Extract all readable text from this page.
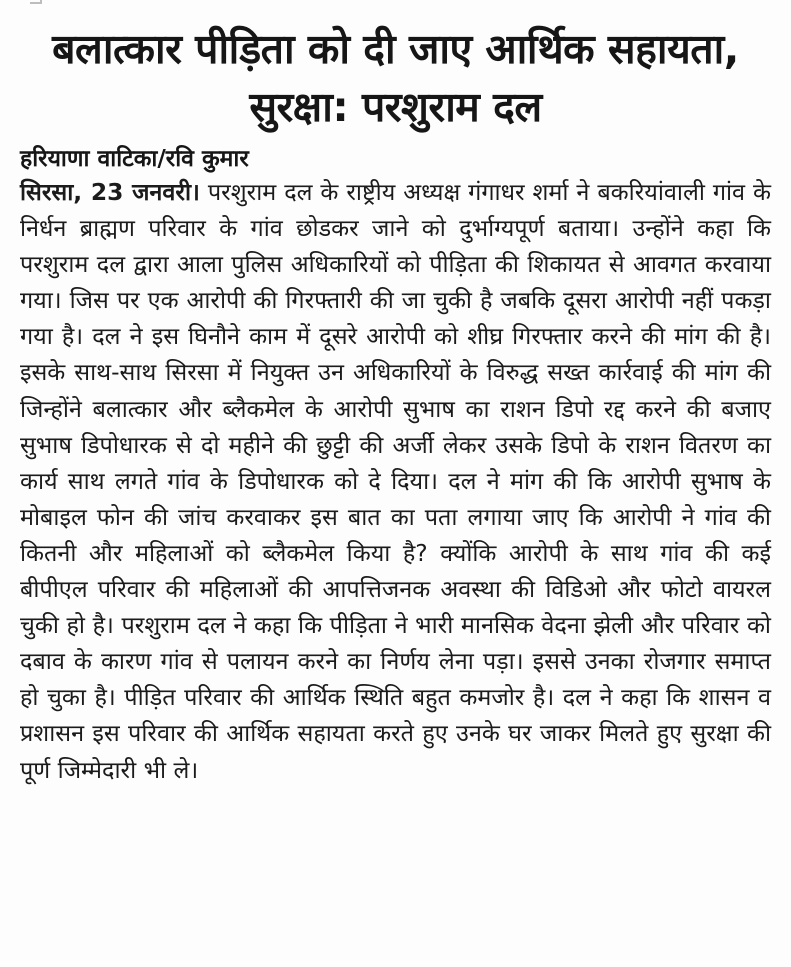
बलात्कार पीड़िता को दी जाए आर्थिक सहायता,
सुरक्षा: परशुराम दल
हरियाणा वाटिका/रवि कुमार

सिरसा, 23 जनवरी। परशुराम दल के राष्ट्रीय अध्यक्ष गंगाधर शर्मा ने बकरियांवाली गांव के निर्धन ब्राह्मण परिवार के गांव छोडकर जाने को दुर्भाग्यपूर्ण बताया। उन्होंने कहा कि परशुराम दल द्वारा आला पुलिस अधिकारियों को पीड़िता की शिकायत से आवगत करवाया गया। जिस पर एक आरोपी की गिरफ्तारी की जा चुकी है जबकि दूसरा आरोपी नहीं पकड़ा गया है। दल ने इस घिनौने काम में दूसरे आरोपी को शीघ्र गिरफ्तार करने की मांग की है। इसके साथ-साथ सिरसा में नियुक्त उन अधिकारियों के विरुद्ध सख्त कार्रवाई की मांग की जिन्होंने बलात्कार और ब्लैकमेल के आरोपी सुभाष का राशन डिपो रद्द करने की बजाए सुभाष डिपोधारक से दो महीने की छुट्टी की अर्जी लेकर उसके डिपो के राशन वितरण का कार्य साथ लगते गांव के डिपोधारक को दे दिया। दल ने मांग की कि आरोपी सुभाष के मोबाइल फोन की जांच करवाकर इस बात का पता लगाया जाए कि आरोपी ने गांव की कितनी और महिलाओं को ब्लैकमेल किया है? क्योंकि आरोपी के साथ गांव की कई बीपीएल परिवार की महिलाओं की आपत्तिजनक अवस्था की विडिओ और फोटो वायरल चुकी हो है। परशुराम दल ने कहा कि पीड़िता ने भारी मानसिक वेदना झेली और परिवार को दबाव के कारण गांव से पलायन करने का निर्णय लेना पड़ा। इससे उनका रोजगार समाप्त हो चुका है। पीड़ित परिवार की आर्थिक स्थिति बहुत कमजोर है। दल ने कहा कि शासन व प्रशासन इस परिवार की आर्थिक सहायता करते हुए उनके घर जाकर मिलते हुए सुरक्षा की पूर्ण जिम्मेदारी भी ले।
